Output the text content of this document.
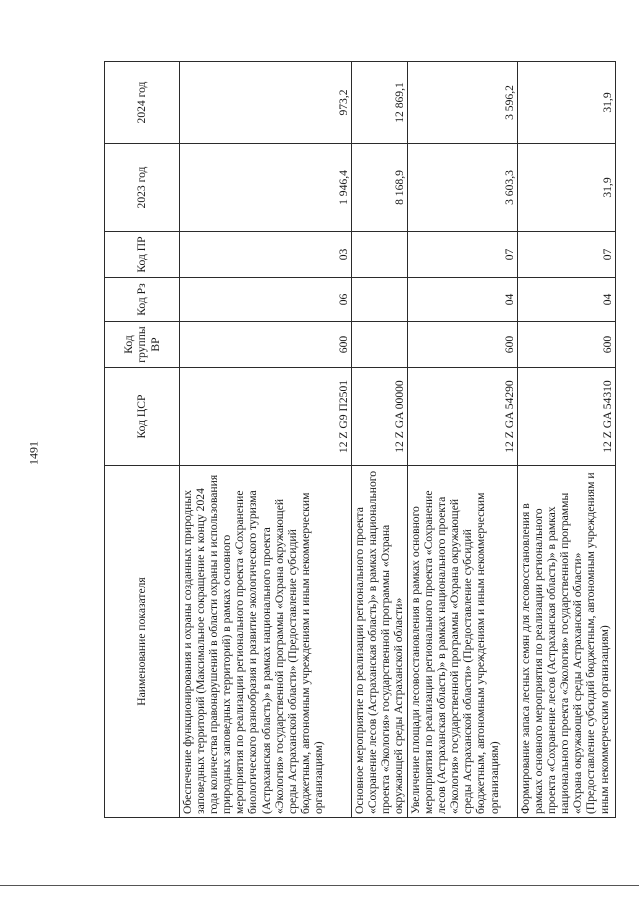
1491
Наименование показателя	Код ЦСР	Код группы ВР	Код Рз	Код ПР	2023 год	2024 год
Обеспечение функционирования и охраны созданных природных заповедных территорий (Максимальное сокращение к концу 2024 года количества правонарушений в области охраны и использования природных заповедных территорий) в рамках основного мероприятия по реализации регионального проекта «Сохранение биологического разнообразия и развитие экологического туризма (Астраханская область)» в рамках национального проекта «Экология» государственной программы «Охрана окружающей среды Астраханской области» (Предоставление субсидий бюджетным, автономным учреждениям и иным некоммерческим организациям)	12 Z G9 П2501	600	06	03	1 946,4	973,2
Основное мероприятие по реализации регионального проекта «Сохранение лесов (Астраханская область)» в рамках национального проекта «Экология» государственной программы «Охрана окружающей среды Астраханской области»	12 Z GA 00000				8 168,9	12 869,1
Увеличение площади лесовосстановления в рамках основного мероприятия по реализации регионального проекта «Сохранение лесов (Астраханская область)» в рамках национального проекта «Экология» государственной программы «Охрана окружающей среды Астраханской области» (Предоставление субсидий бюджетным, автономным учреждениям и иным некоммерческим организациям)	12 Z GA 54290	600	04	07	3 603,3	3 596,2
Формирование запаса лесных семян для лесовосстановления в рамках основного мероприятия по реализации регионального проекта «Сохранение лесов (Астраханская область)» в рамках национального проекта «Экология» государственной программы «Охрана окружающей среды Астраханской области» (Предоставление субсидий бюджетным, автономным учреждениям и иным некоммерческим организациям)	12 Z GA 54310	600	04	07	31,9	31,9
